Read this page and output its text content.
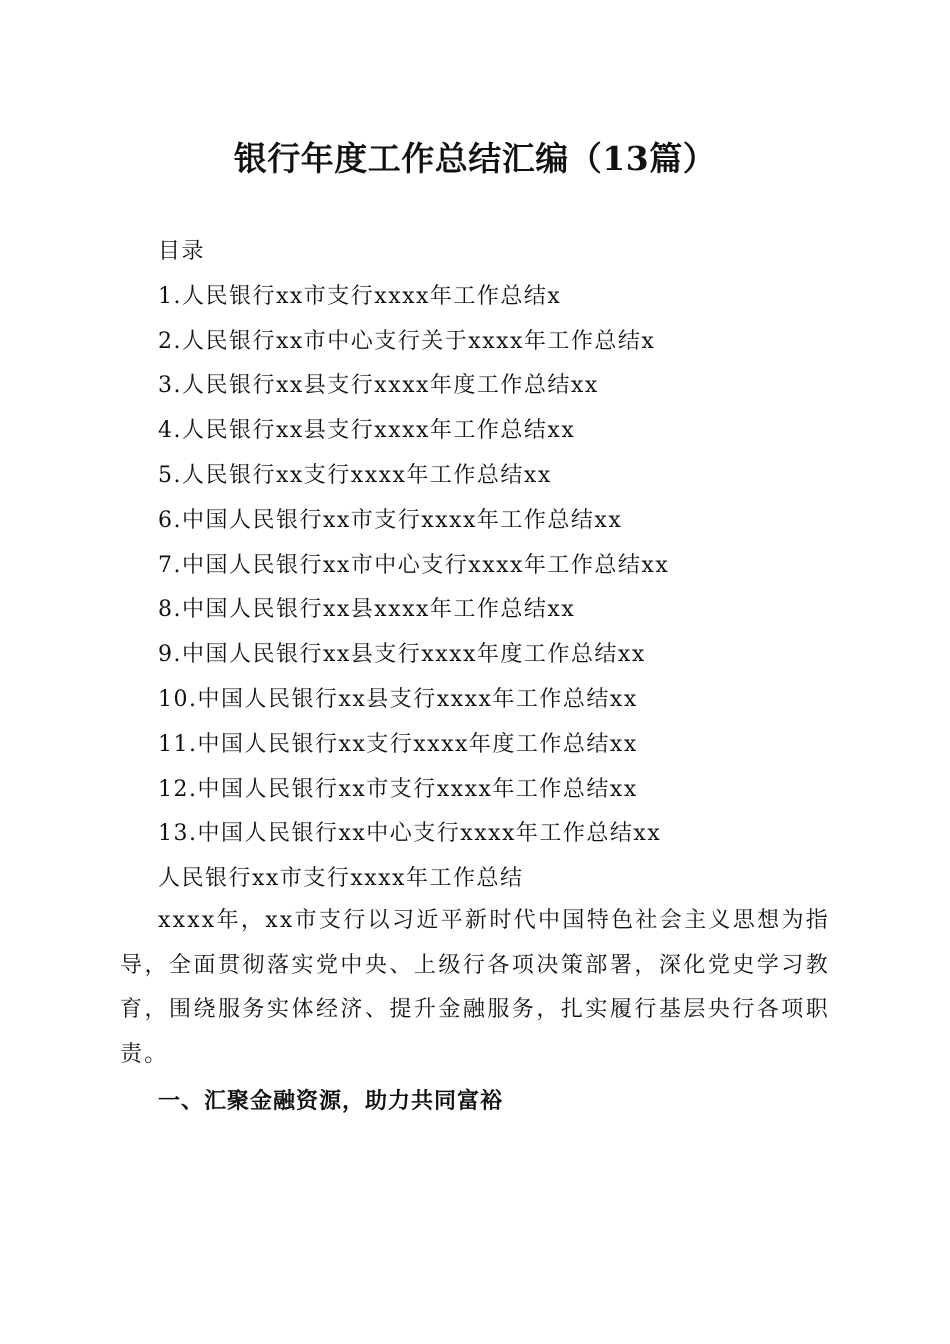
银行年度工作总结汇编（13篇）
目录
1.人民银行xx市支行xxxx年工作总结x
2.人民银行xx市中心支行关于xxxx年工作总结x
3.人民银行xx县支行xxxx年度工作总结xx
4.人民银行xx县支行xxxx年工作总结xx
5.人民银行xx支行xxxx年工作总结xx
6.中国人民银行xx市支行xxxx年工作总结xx
7.中国人民银行xx市中心支行xxxx年工作总结xx
8.中国人民银行xx县xxxx年工作总结xx
9.中国人民银行xx县支行xxxx年度工作总结xx
10.中国人民银行xx县支行xxxx年工作总结xx
11.中国人民银行xx支行xxxx年度工作总结xx
12.中国人民银行xx市支行xxxx年工作总结xx
13.中国人民银行xx中心支行xxxx年工作总结xx
人民银行xx市支行xxxx年工作总结

xxxx年，xx市支行以习近平新时代中国特色社会主义思想为指导，全面贯彻落实党中央、上级行各项决策部署，深化党史学习教育，围绕服务实体经济、提升金融服务，扎实履行基层央行各项职责。

一、汇聚金融资源，助力共同富裕
